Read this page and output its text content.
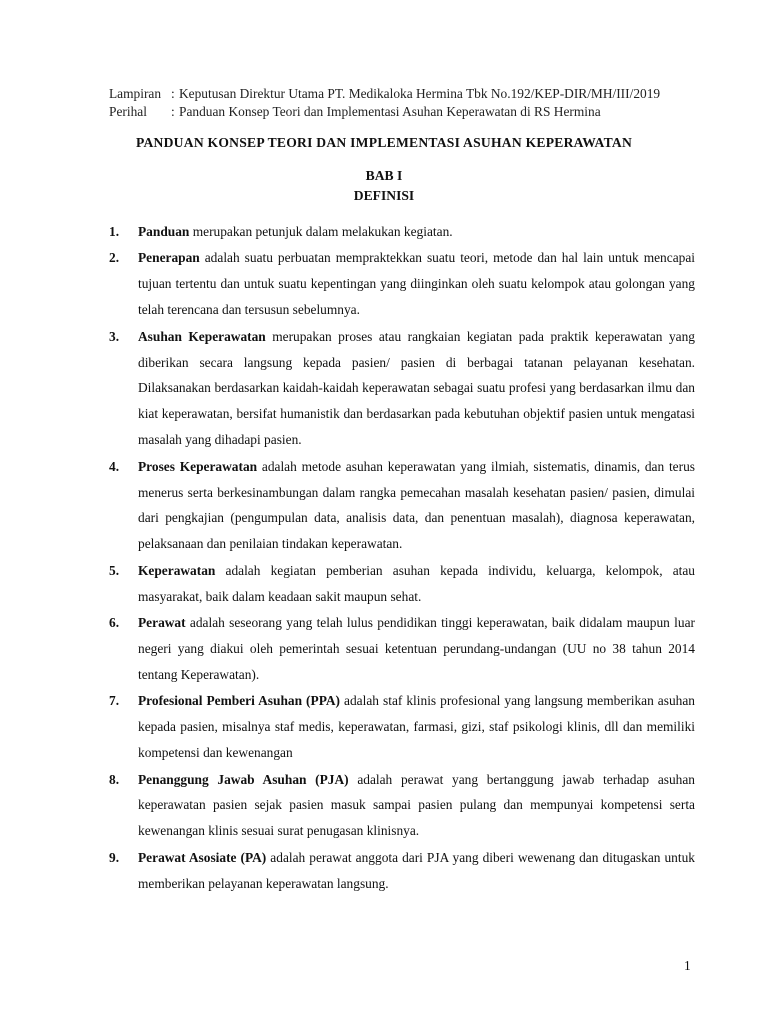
Lampiran : Keputusan Direktur Utama PT. Medikaloka Hermina Tbk No.192/KEP-DIR/MH/III/2019
Perihal	: Panduan Konsep Teori dan Implementasi Asuhan Keperawatan di RS Hermina
PANDUAN KONSEP TEORI DAN IMPLEMENTASI ASUHAN KEPERAWATAN
BAB I
DEFINISI
1.	Panduan merupakan petunjuk dalam melakukan kegiatan.
2.	Penerapan adalah suatu perbuatan mempraktekkan suatu teori, metode dan hal lain untuk mencapai tujuan tertentu dan untuk suatu kepentingan yang diinginkan oleh suatu kelompok atau golongan yang telah terencana dan tersusun sebelumnya.
3.	Asuhan Keperawatan merupakan proses atau rangkaian kegiatan pada praktik keperawatan yang diberikan secara langsung kepada pasien/ pasien di berbagai tatanan pelayanan kesehatan. Dilaksanakan berdasarkan kaidah-kaidah keperawatan sebagai suatu profesi yang berdasarkan ilmu dan kiat keperawatan, bersifat humanistik dan berdasarkan pada kebutuhan objektif pasien untuk mengatasi masalah yang dihadapi pasien.
4.	Proses Keperawatan adalah metode asuhan keperawatan yang ilmiah, sistematis, dinamis, dan terus menerus serta berkesinambungan dalam rangka pemecahan masalah kesehatan pasien/ pasien, dimulai dari pengkajian (pengumpulan data, analisis data, dan penentuan masalah), diagnosa keperawatan, pelaksanaan dan penilaian tindakan keperawatan.
5.	Keperawatan adalah kegiatan pemberian asuhan kepada individu, keluarga, kelompok, atau masyarakat, baik dalam keadaan sakit maupun sehat.
6.	Perawat adalah seseorang yang telah lulus pendidikan tinggi keperawatan, baik didalam maupun luar negeri yang diakui oleh pemerintah sesuai ketentuan perundang-undangan (UU no 38 tahun 2014 tentang Keperawatan).
7.	Profesional Pemberi Asuhan (PPA) adalah staf klinis profesional yang langsung memberikan asuhan kepada pasien, misalnya staf medis, keperawatan, farmasi, gizi, staf psikologi klinis, dll dan memiliki kompetensi dan kewenangan
8.	Penanggung Jawab Asuhan (PJA) adalah perawat yang bertanggung jawab terhadap asuhan keperawatan pasien sejak pasien masuk sampai pasien pulang dan mempunyai kompetensi serta kewenangan klinis sesuai surat penugasan klinisnya.
9.	Perawat Asosiate (PA) adalah perawat anggota dari PJA yang diberi wewenang dan ditugaskan untuk memberikan pelayanan keperawatan langsung.
1
